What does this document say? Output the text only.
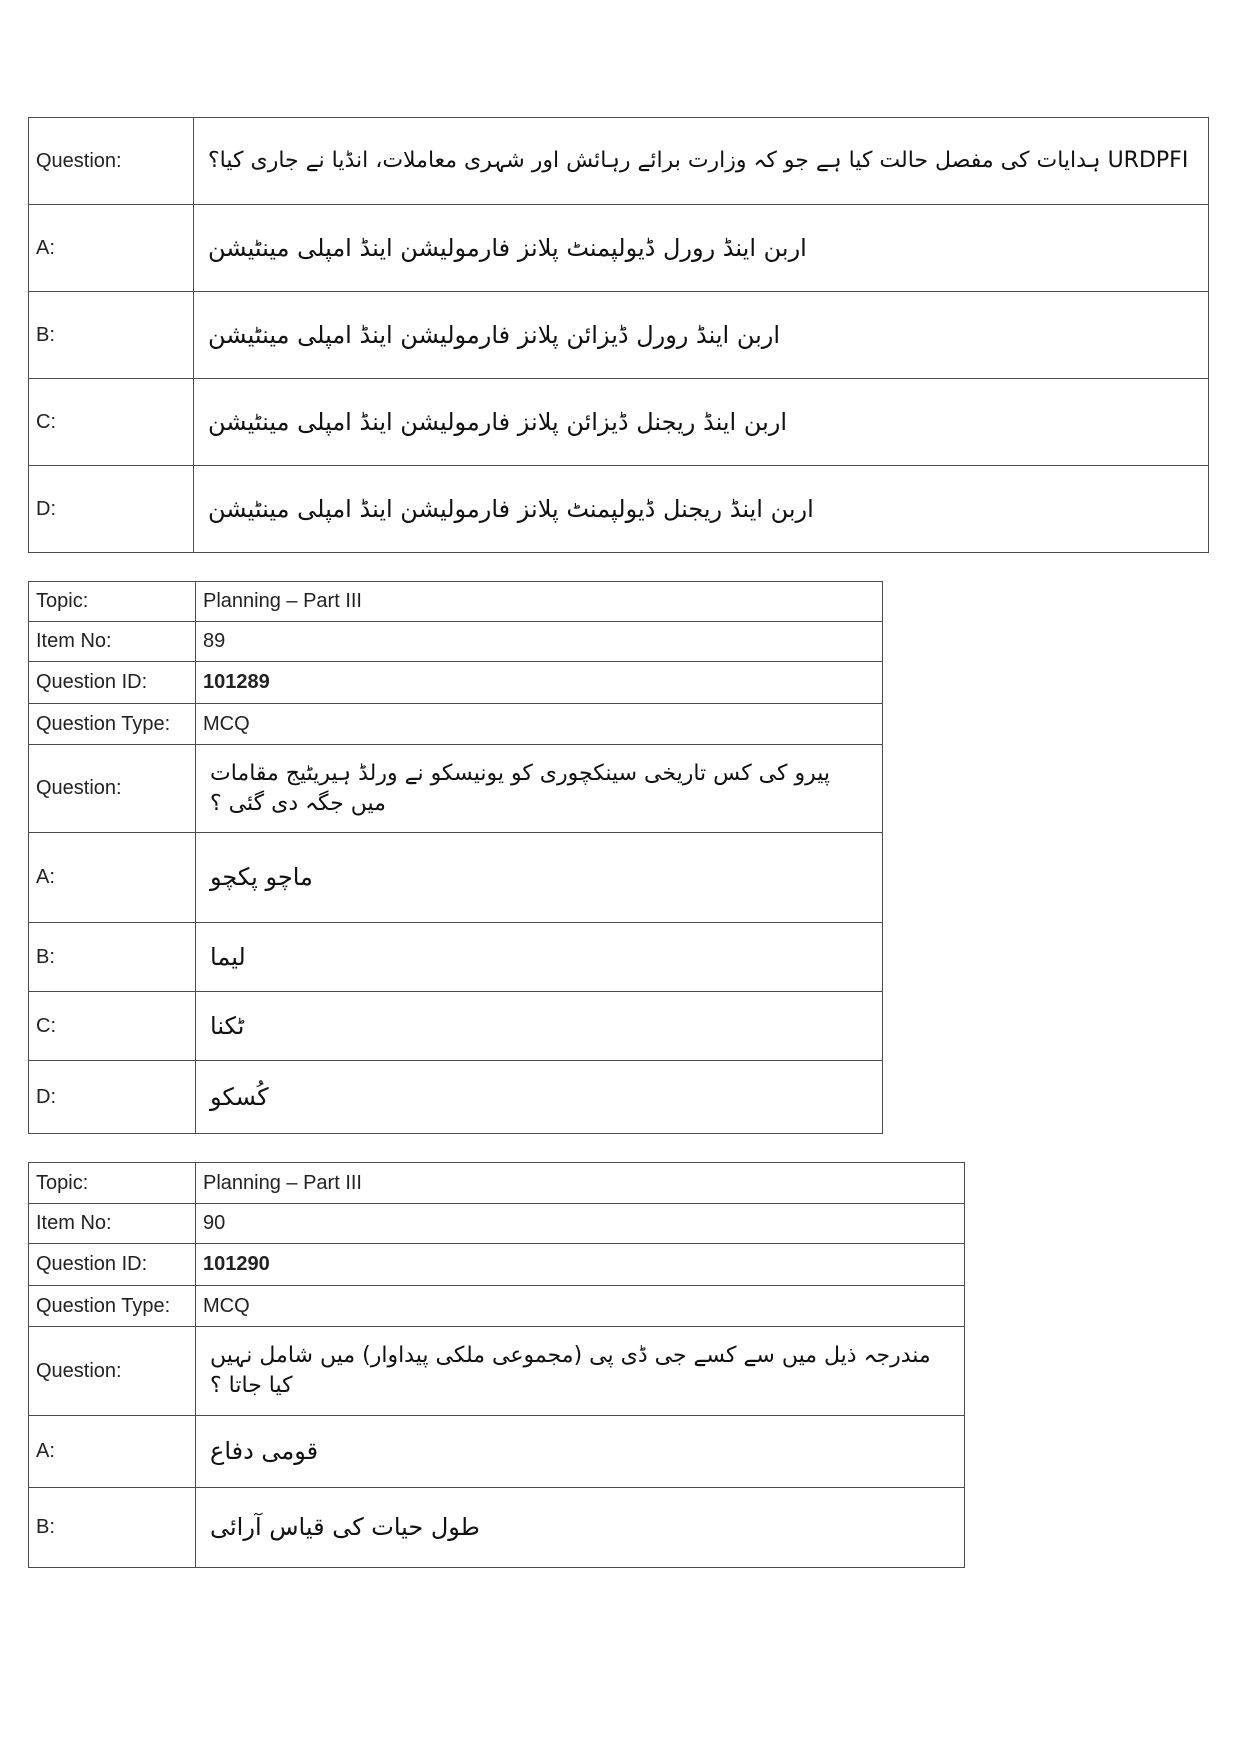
Question:	URDPFI ہدایات کی مفصل حالت کیا ہے جو کہ وزارت برائے رہائش اور شہری معاملات، انڈیا نے جاری کیا؟
A:	اربن اینڈ رورل ڈیولپمنٹ پلانز فارمولیشن اینڈ امپلی مینٹیشن
B:	اربن اینڈ رورل ڈیزائن پلانز فارمولیشن اینڈ امپلی مینٹیشن
C:	اربن اینڈ ریجنل ڈیزائن پلانز فارمولیشن اینڈ امپلی مینٹیشن
D:	اربن اینڈ ریجنل ڈیولپمنٹ پلانز فارمولیشن اینڈ امپلی مینٹیشن
Topic:	Planning – Part III
Item No:	89
Question ID:	101289
Question Type:	MCQ
Question:	پیرو کی کس تاریخی سینکچوری کو یونیسکو نے ورلڈ ہیریٹیج مقامات میں جگہ دی گئی ؟
A:	ماچو پکچو
B:	لیما
C:	ٹکنا
D:	کُسکو
Topic:	Planning – Part III
Item No:	90
Question ID:	101290
Question Type:	MCQ
Question:	مندرجہ ذیل میں سے کسے جی ڈی پی (مجموعی ملکی پیداوار) میں شامل نہیں کیا جاتا ؟
A:	قومی دفاع
B:	طول حیات کی قیاس آرائی
